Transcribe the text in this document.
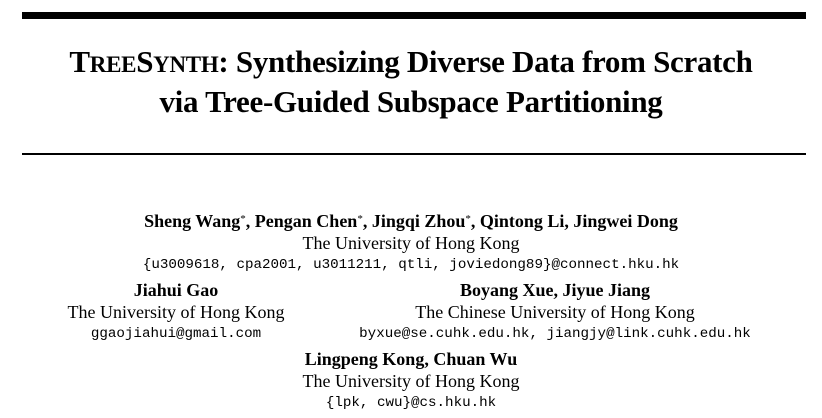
TREESYNTH: Synthesizing Diverse Data from Scratch
via Tree-Guided Subspace Partitioning
Sheng Wang*, Pengan Chen*, Jingqi Zhou*, Qintong Li, Jingwei Dong
The University of Hong Kong
{u3009618, cpa2001, u3011211, qtli, joviedong89}@connect.hku.hk
Jiahui Gao
The University of Hong Kong
ggaojiahui@gmail.com
Boyang Xue, Jiyue Jiang
The Chinese University of Hong Kong
byxue@se.cuhk.edu.hk, jiangjy@link.cuhk.edu.hk
Lingpeng Kong, Chuan Wu
The University of Hong Kong
{lpk, cwu}@cs.hku.hk
